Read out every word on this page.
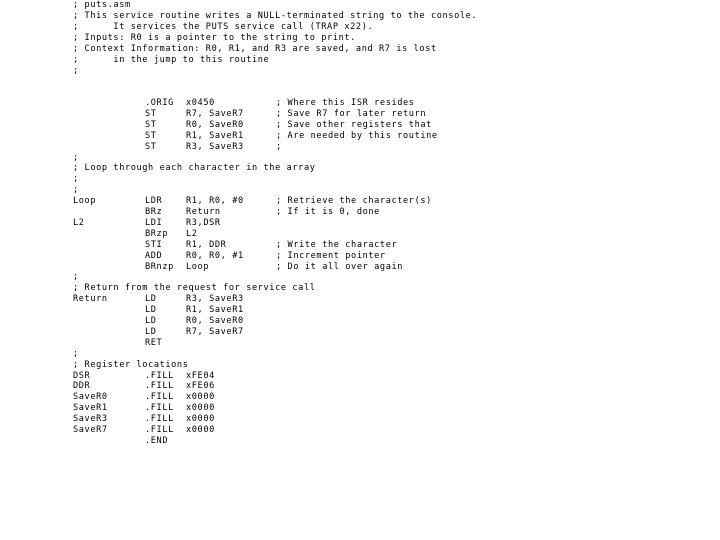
; puts.asm
; This service routine writes a NULL-terminated string to the console.
;      It services the PUTS service call (TRAP x22).
; Inputs: R0 is a pointer to the string to print.
; Context Information: R0, R1, and R3 are saved, and R7 is lost
;      in the jump to this routine
;
.ORIG x0450	; Where this ISR resides
ST	R7, SaveR7	; Save R7 for later return
ST	R0, SaveR0	; Save other registers that
ST	R1, SaveR1	; Are needed by this routine
ST	R3, SaveR3	;
;
; Loop through each character in the array
;
;
Loop	LDR	R1, R0, #0	; Retrieve the character(s)
BRz	Return	; If it is 0, done
L2	LDI	R3,DSR
BRzp L2
STI	R1, DDR	; Write the character
ADD	R0, R0, #1	; Increment pointer
BRnzp Loop	; Do it all over again
;
; Return from the request for service call
Return	LD	R3, SaveR3
LD	R1, SaveR1
LD	R0, SaveR0
LD	R7, SaveR7
RET
;
; Register locations
DSR	.FILL xFE04
DDR	.FILL xFE06
SaveR0	.FILL x0000
SaveR1	.FILL x0000
SaveR3	.FILL x0000
SaveR7	.FILL x0000
.END
